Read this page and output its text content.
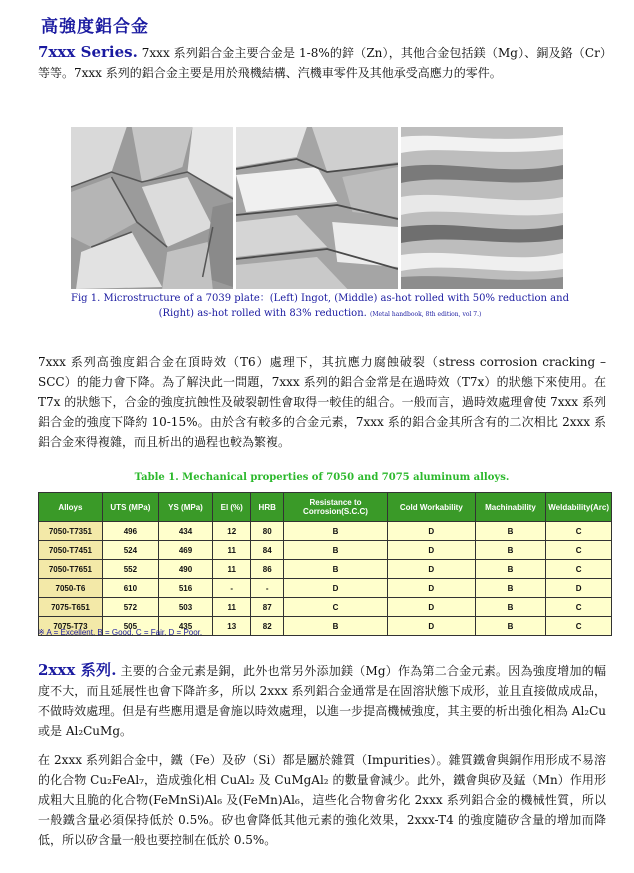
高強度鋁合金
7xxx Series. 7xxx 系列鋁合金主要合金是 1-8%的鋅（Zn），其他合金包括鎂（Mg）、銅及鉻（Cr）等等。7xxx 系列的鋁合金主要是用於飛機結構、汽機車零件及其他承受高應力的零件。
Fig 1. Microstructure of a 7039 plate：(Left) Ingot, (Middle) as-hot rolled with 50% reduction and
(Right) as-hot rolled with 83% reduction. (Metal handbook, 8th edition, vol 7.)
7xxx 系列高強度鋁合金在頂時效（T6）處理下，其抗應力腐蝕破裂（stress corrosion cracking – SCC）的能力會下降。為了解決此一問題，7xxx 系列的鋁合金常是在過時效（T7x）的狀態下來使用。在 T7x 的狀態下，合金的強度抗蝕性及破裂韌性會取得一較佳的組合。一般而言，過時效處理會使 7xxx 系列鋁合金的強度下降約 10-15%。由於含有較多的合金元素，7xxx 系的鋁合金其所含有的二次相比 2xxx 系鋁合金來得複雜，而且析出的過程也較為繁複。
Table 1. Mechanical properties of 7050 and 7075 aluminum alloys.
Alloys	UTS (MPa)	YS (MPa)	El (%)	HRB	Resistance to Corrosion(S.C.C)	Cold Workability	Machinability	Weldability(Arc)
7050-T7351	496	434	12	80	B	D	B	C
7050-T7451	524	469	11	84	B	D	B	C
7050-T7651	552	490	11	86	B	D	B	C
7050-T6	610	516	-	-	D	D	B	D
7075-T651	572	503	11	87	C	D	B	C
7075-T73	505	435	13	82	B	D	B	C
※ A = Excellent. B = Good. C = Fair. D = Poor.
2xxx 系列. 主要的合金元素是銅，此外也常另外添加鎂（Mg）作為第二合金元素。因為強度增加的幅度不大，而且延展性也會下降許多，所以 2xxx 系列鋁合金通常是在固溶狀態下成形，並且直接做成成品，不做時效處理。但是有些應用還是會施以時效處理，以進一步提高機械強度，其主要的析出強化相為 Al₂Cu 或是 Al₂CuMg。
在 2xxx 系列鋁合金中，鐵（Fe）及矽（Si）都是屬於雜質（Impurities）。雜質鐵會與銅作用形成不易溶的化合物 Cu₂FeAl₇，造成強化相 CuAl₂ 及 CuMgAl₂ 的數量會減少。此外，鐵會與矽及錳（Mn）作用形成粗大且脆的化合物(FeMnSi)Al₆ 及(FeMn)Al₆，這些化合物會劣化 2xxx 系列鋁合金的機械性質，所以一般鐵含量必須保持低於 0.5%。矽也會降低其他元素的強化效果，2xxx-T4 的強度隨矽含量的增加而降低，所以矽含量一般也要控制在低於 0.5%。
